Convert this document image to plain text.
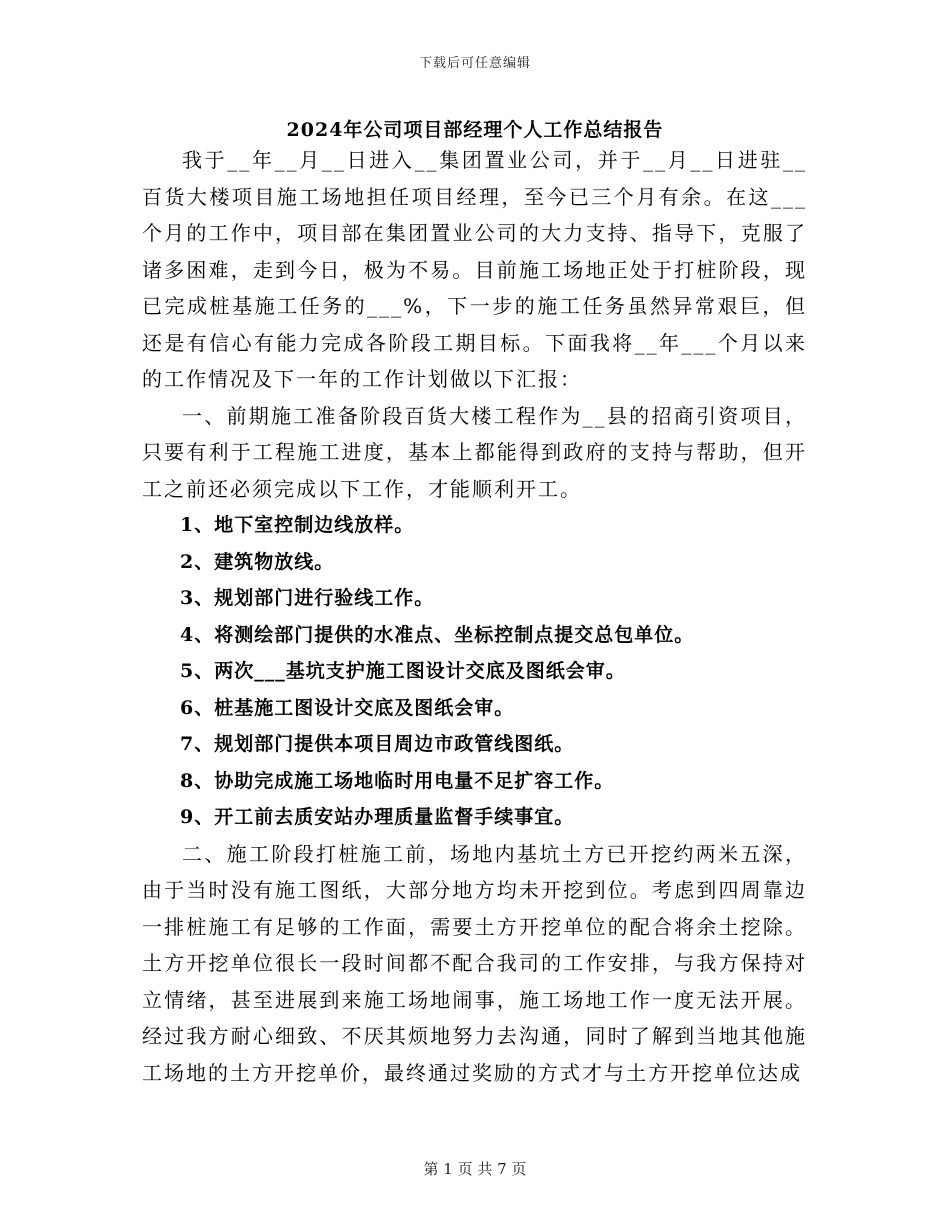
下载后可任意编辑
2024年公司项目部经理个人工作总结报告

我于__年__月__日进入__集团置业公司，并于__月__日进驻__百货大楼项目施工场地担任项目经理，至今已三个月有余。在这___个月的工作中，项目部在集团置业公司的大力支持、指导下，克服了诸多困难，走到今日，极为不易。目前施工场地正处于打桩阶段，现已完成桩基施工任务的___%，下一步的施工任务虽然异常艰巨，但还是有信心有能力完成各阶段工期目标。下面我将__年___个月以来的工作情况及下一年的工作计划做以下汇报：

一、前期施工准备阶段百货大楼工程作为__县的招商引资项目，只要有利于工程施工进度，基本上都能得到政府的支持与帮助，但开工之前还必须完成以下工作，才能顺利开工。

1、地下室控制边线放样。

2、建筑物放线。

3、规划部门进行验线工作。

4、将测绘部门提供的水准点、坐标控制点提交总包单位。

5、两次___基坑支护施工图设计交底及图纸会审。

6、桩基施工图设计交底及图纸会审。

7、规划部门提供本项目周边市政管线图纸。

8、协助完成施工场地临时用电量不足扩容工作。

9、开工前去质安站办理质量监督手续事宜。

二、施工阶段打桩施工前，场地内基坑土方已开挖约两米五深，由于当时没有施工图纸，大部分地方均未开挖到位。考虑到四周靠边一排桩施工有足够的工作面，需要土方开挖单位的配合将余土挖除。土方开挖单位很长一段时间都不配合我司的工作安排，与我方保持对立情绪，甚至进展到来施工场地闹事，施工场地工作一度无法开展。经过我方耐心细致、不厌其烦地努力去沟通，同时了解到当地其他施工场地的土方开挖单价，最终通过奖励的方式才与土方开挖单位达成

第 1 页 共 7 页
